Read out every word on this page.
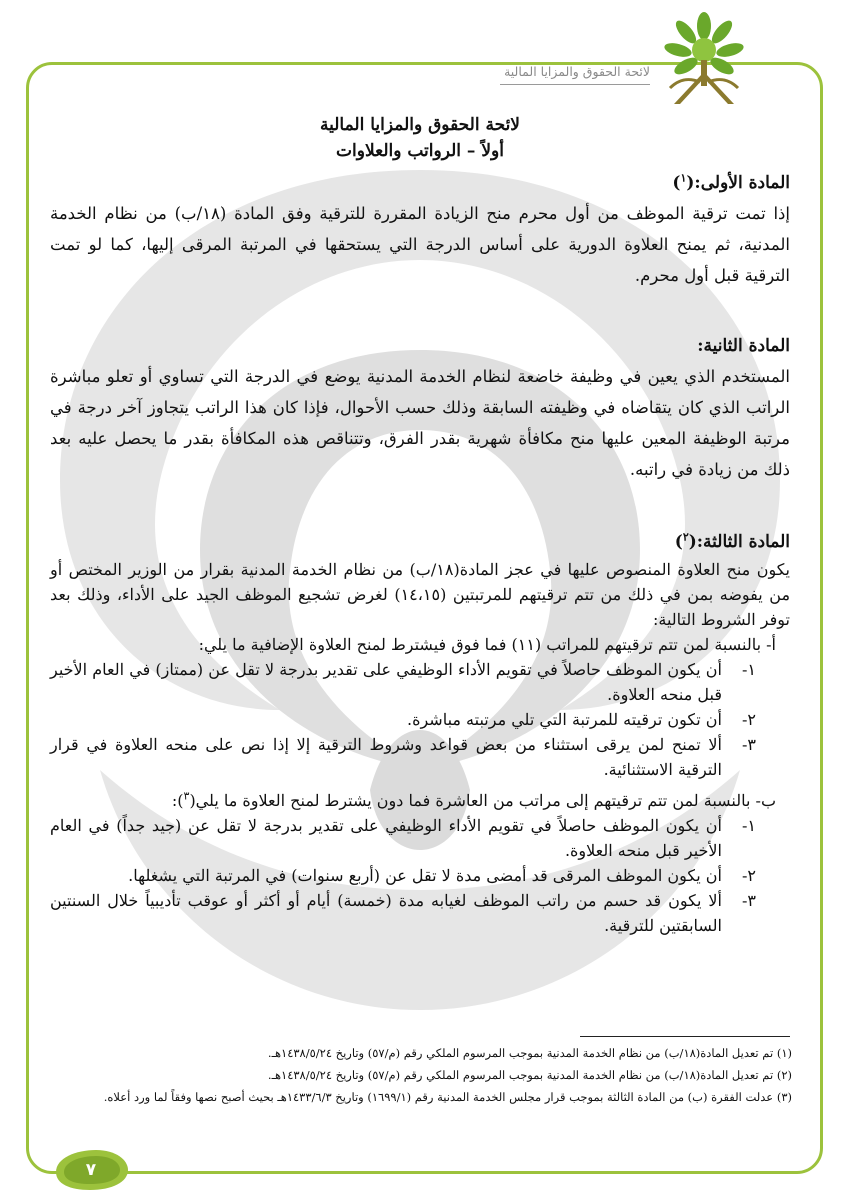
لائحة الحقوق والمزايا المالية

لائحة الحقوق والمزايا المالية

أولاً – الرواتب والعلاوات

المادة الأولى:($^١$)

إذا تمت ترقية الموظف من أول محرم منح الزيادة المقررة للترقية وفق المادة (١٨/ب) من نظام الخدمة المدنية، ثم يمنح العلاوة الدورية على أساس الدرجة التي يستحقها في المرتبة المرقى إليها، كما لو تمت الترقية قبل أول محرم.

المادة الثانية:

المستخدم الذي يعين في وظيفة خاضعة لنظام الخدمة المدنية يوضع في الدرجة التي تساوي أو تعلو مباشرة الراتب الذي كان يتقاضاه في وظيفته السابقة وذلك حسب الأحوال، فإذا كان هذا الراتب يتجاوز آخر درجة في مرتبة الوظيفة المعين عليها منح مكافأة شهرية بقدر الفرق، وتتناقص هذه المكافأة بقدر ما يحصل عليه بعد ذلك من زيادة في راتبه.

المادة الثالثة:($^٢$)

يكون منح العلاوة المنصوص عليها في عجز المادة(١٨/ب) من نظام الخدمة المدنية بقرار من الوزير المختص أو من يفوضه بمن في ذلك من تتم ترقيتهم للمرتبتين (١٤،١٥) لغرض تشجيع الموظف الجيد على الأداء، وذلك بعد توفر الشروط التالية:

أ- بالنسبة لمن تتم ترقيتهم للمراتب (١١) فما فوق فيشترط لمنح العلاوة الإضافية ما يلي:

١-
أن يكون الموظف حاصلاً في تقويم الأداء الوظيفي على تقدير بدرجة لا تقل عن (ممتاز) في العام الأخير قبل منحه العلاوة.
٢-
أن تكون ترقيته للمرتبة التي تلي مرتبته مباشرة.
٣-
ألا تمنح لمن يرقى استثناء من بعض قواعد وشروط الترقية إلا إذا نص على منحه العلاوة في قرار الترقية الاستثنائية.

ب- بالنسبة لمن تتم ترقيتهم إلى مراتب من العاشرة فما دون يشترط لمنح العلاوة ما يلي($^٣$):

١-
أن يكون الموظف حاصلاً في تقويم الأداء الوظيفي على تقدير بدرجة لا تقل عن (جيد جداً) في العام الأخير قبل منحه العلاوة.
٢-
أن يكون الموظف المرقى قد أمضى مدة لا تقل عن (أربع سنوات) في المرتبة التي يشغلها.
٣-
ألا يكون قد حسم من راتب الموظف لغيابه مدة (خمسة) أيام أو أكثر أو عوقب تأديبياً خلال السنتين السابقتين للترقية.

(١) تم تعديل المادة(١٨/ب) من نظام الخدمة المدنية بموجب المرسوم الملكي رقم (م/٥٧) وتاريخ ١٤٣٨/٥/٢٤هـ.

(٢) تم تعديل المادة(١٨/ب) من نظام الخدمة المدنية بموجب المرسوم الملكي رقم (م/٥٧) وتاريخ ١٤٣٨/٥/٢٤هـ.

(٣) عدلت الفقرة (ب) من المادة الثالثة بموجب قرار مجلس الخدمة المدنية رقم (١٦٩٩/١) وتاريخ ١٤٣٣/٦/٣هـ بحيث أصبح نصها وفقاً لما ورد أعلاه.

٧
